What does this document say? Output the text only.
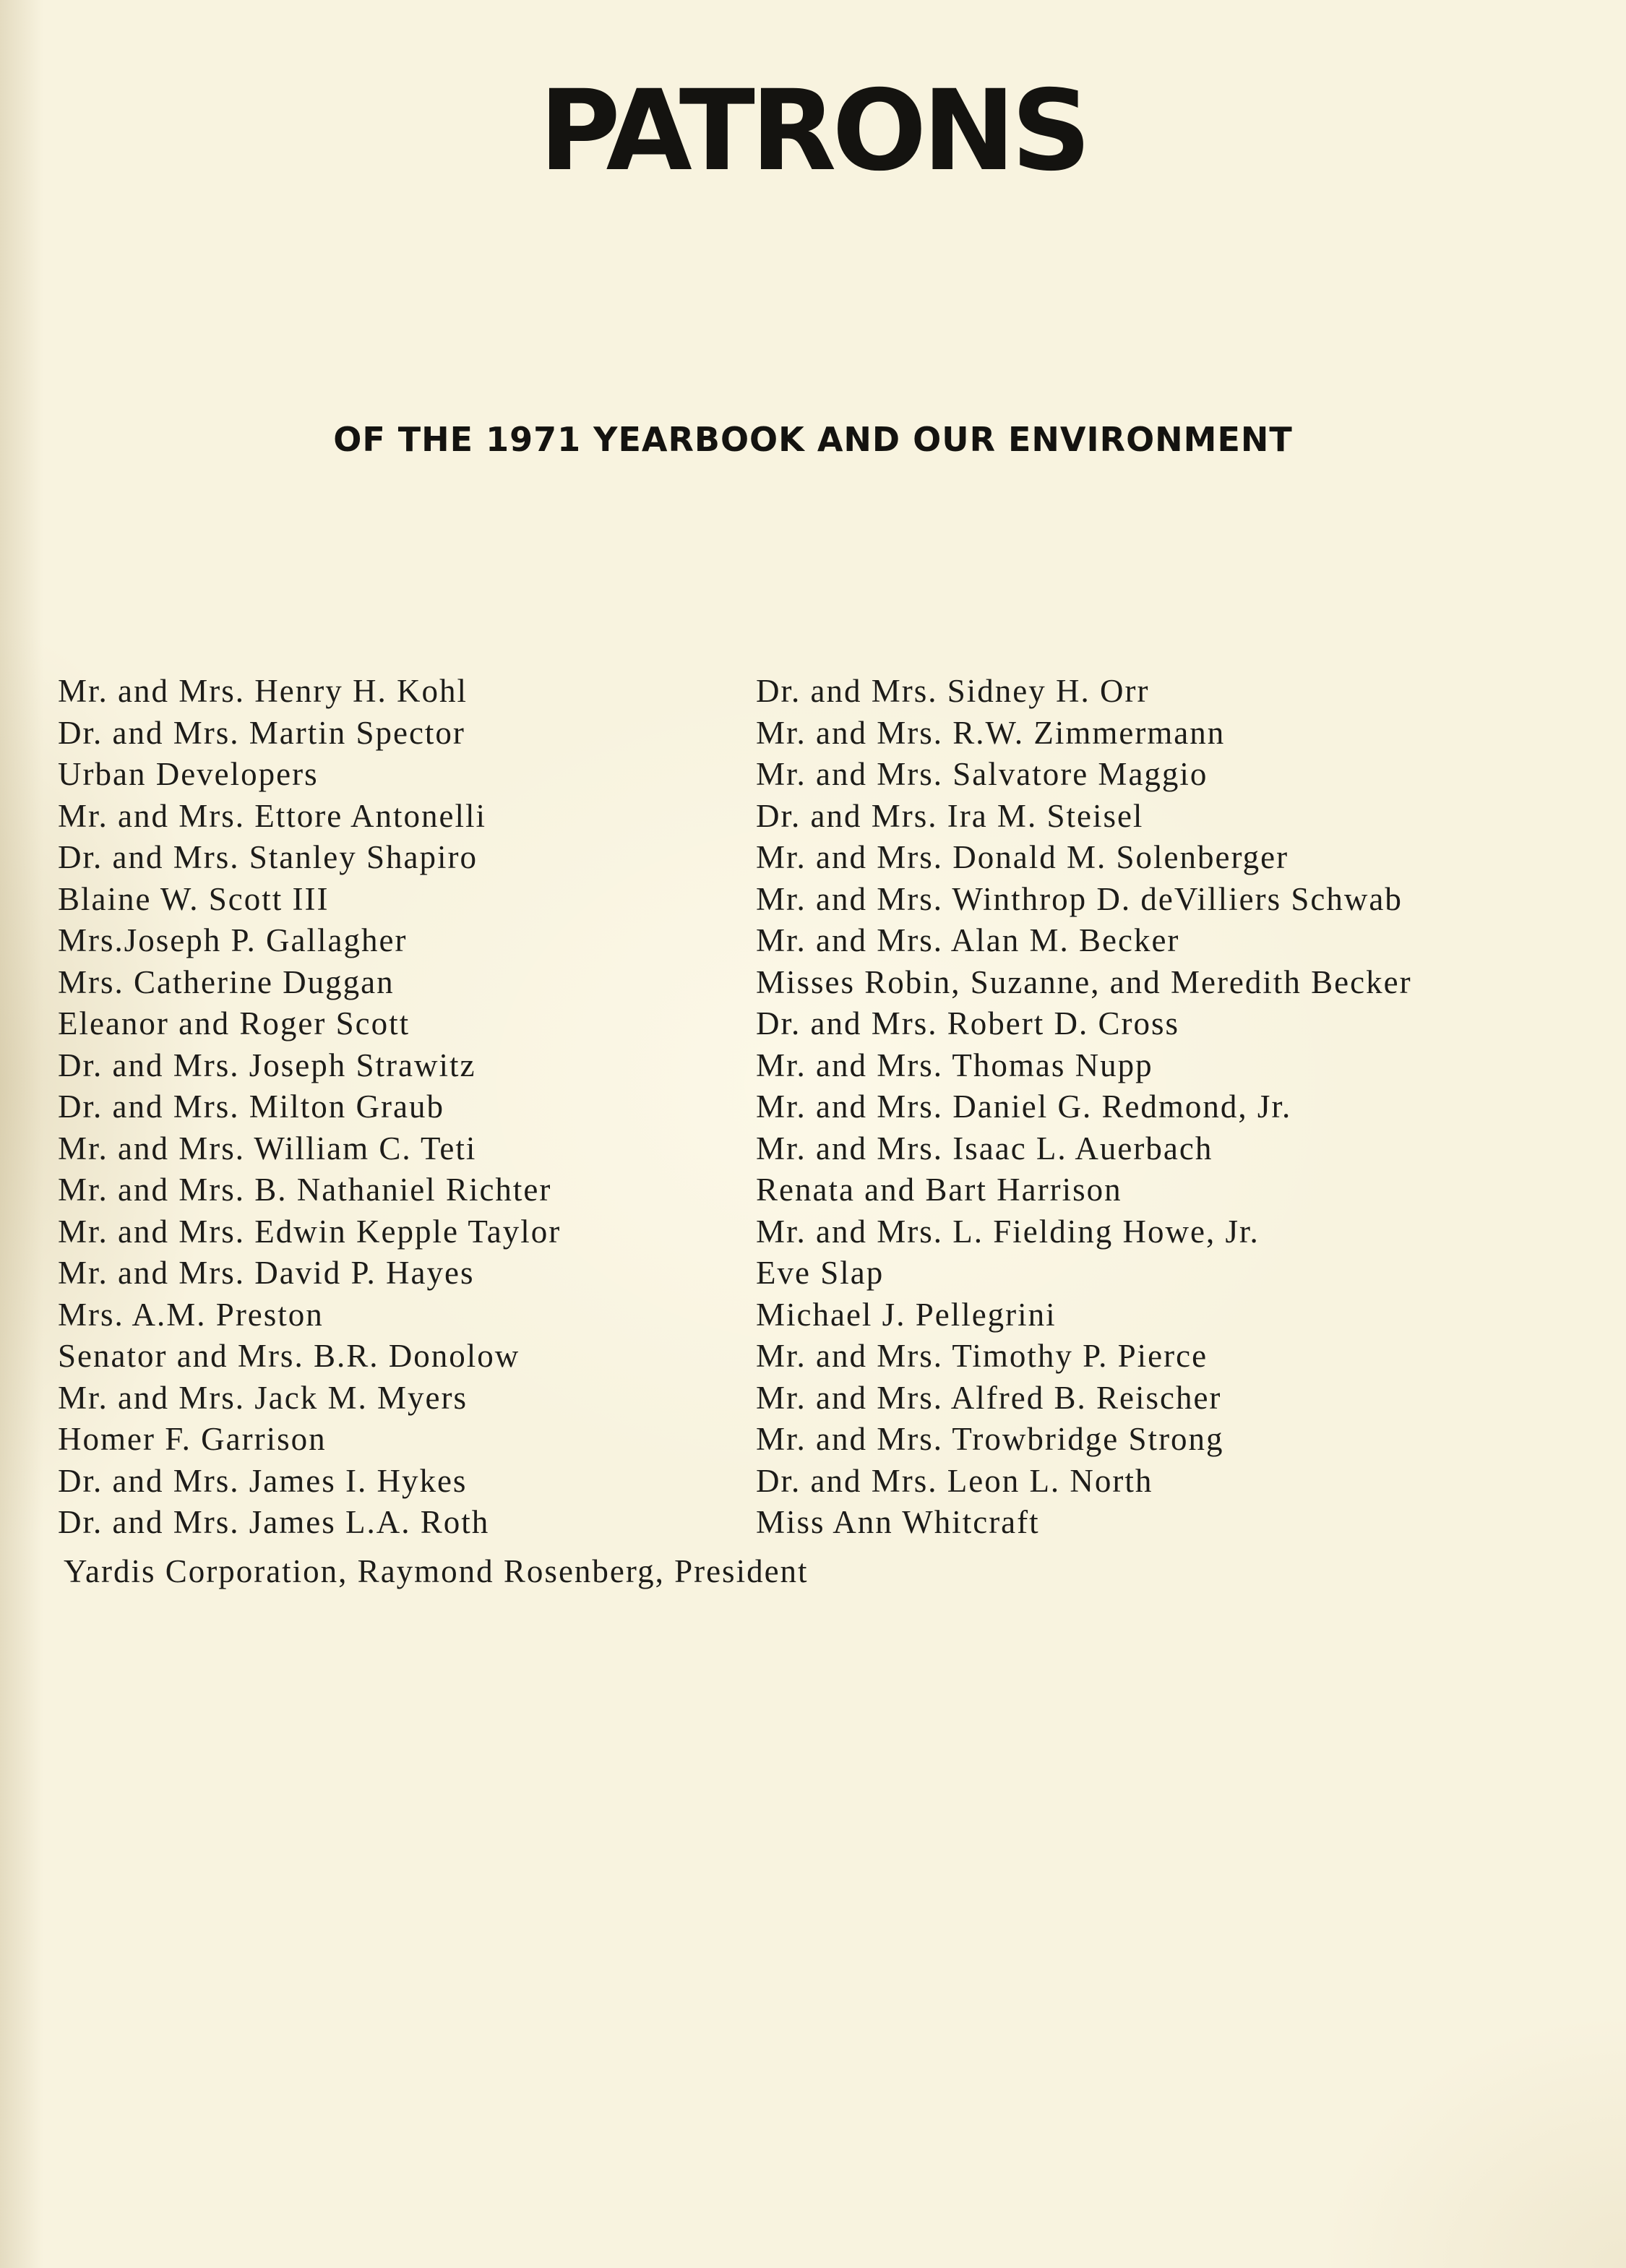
PATRONS
OF THE 1971 YEARBOOK AND OUR ENVIRONMENT
Mr. and Mrs. Henry H. Kohl
Dr. and Mrs. Martin Spector
Urban Developers
Mr. and Mrs. Ettore Antonelli
Dr. and Mrs. Stanley Shapiro
Blaine W. Scott III
Mrs.Joseph P. Gallagher
Mrs. Catherine Duggan
Eleanor and Roger Scott
Dr. and Mrs. Joseph Strawitz
Dr. and Mrs. Milton Graub
Mr. and Mrs. William C. Teti
Mr. and Mrs. B. Nathaniel Richter
Mr. and Mrs. Edwin Kepple Taylor
Mr. and Mrs. David P. Hayes
Mrs. A.M. Preston
Senator and Mrs. B.R. Donolow
Mr. and Mrs. Jack M. Myers
Homer F. Garrison
Dr. and Mrs. James I. Hykes
Dr. and Mrs. James L.A. Roth
Dr. and Mrs. Sidney H. Orr
Mr. and Mrs. R.W. Zimmermann
Mr. and Mrs. Salvatore Maggio
Dr. and Mrs. Ira M. Steisel
Mr. and Mrs. Donald M. Solenberger
Mr. and Mrs. Winthrop D. deVilliers Schwab
Mr. and Mrs. Alan M. Becker
Misses Robin, Suzanne, and Meredith Becker
Dr. and Mrs. Robert D. Cross
Mr. and Mrs. Thomas Nupp
Mr. and Mrs. Daniel G. Redmond, Jr.
Mr. and Mrs. Isaac L. Auerbach
Renata and Bart Harrison
Mr. and Mrs. L. Fielding Howe, Jr.
Eve Slap
Michael J. Pellegrini
Mr. and Mrs. Timothy P. Pierce
Mr. and Mrs. Alfred B. Reischer
Mr. and Mrs. Trowbridge Strong
Dr. and Mrs. Leon L. North
Miss Ann Whitcraft

Yardis Corporation, Raymond Rosenberg, President
